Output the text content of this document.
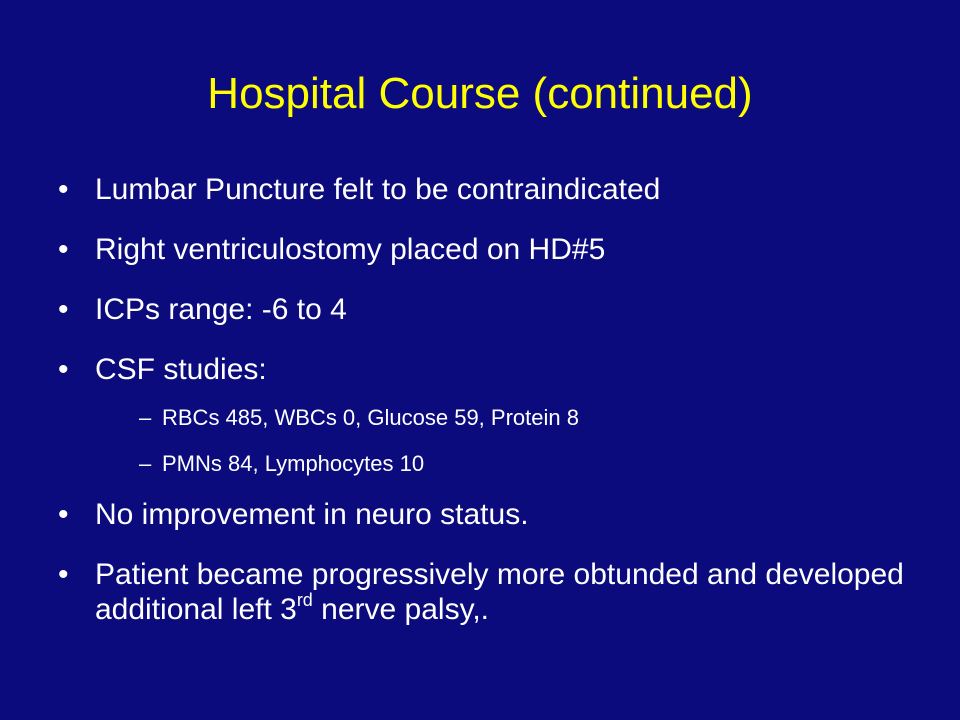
Hospital Course (continued)
• Lumbar Puncture felt to be contraindicated
• Right ventriculostomy placed on HD#5
• ICPs range: -6 to 4
• CSF studies:
– RBCs 485, WBCs 0, Glucose 59, Protein 8
– PMNs 84, Lymphocytes 10
• No improvement in neuro status.
• Patient became progressively more obtunded and developed additional left 3rd nerve palsy,.
